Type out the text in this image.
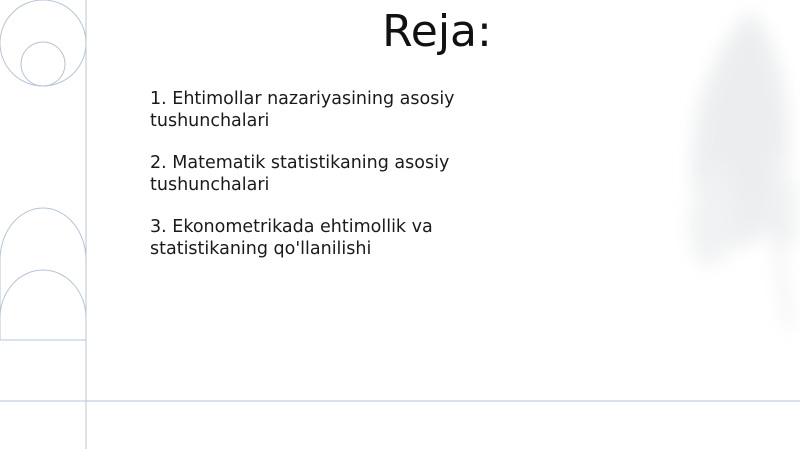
Reja:
1. Ehtimollar nazariyasining asosiy tushunchalari
2. Matematik statistikaning asosiy tushunchalari
3. Ekonometrikada ehtimollik va statistikaning qo'llanilishi
